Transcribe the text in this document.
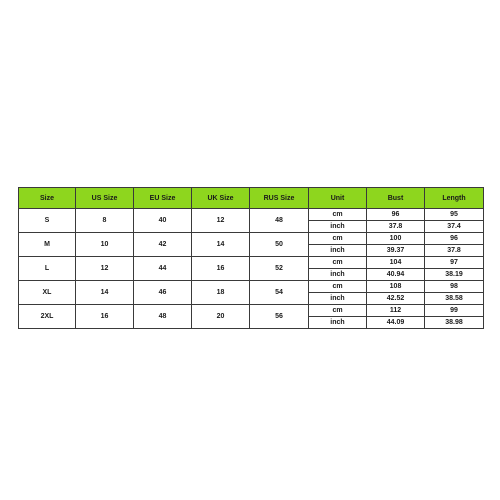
Size	US Size	EU Size	UK Size	RUS Size	Unit	Bust	Length
S	8	40	12	48	cm	96	95
					inch	37.8	37.4
M	10	42	14	50	cm	100	96
					inch	39.37	37.8
L	12	44	16	52	cm	104	97
					inch	40.94	38.19
XL	14	46	18	54	cm	108	98
					inch	42.52	38.58
2XL	16	48	20	56	cm	112	99
					inch	44.09	38.98
